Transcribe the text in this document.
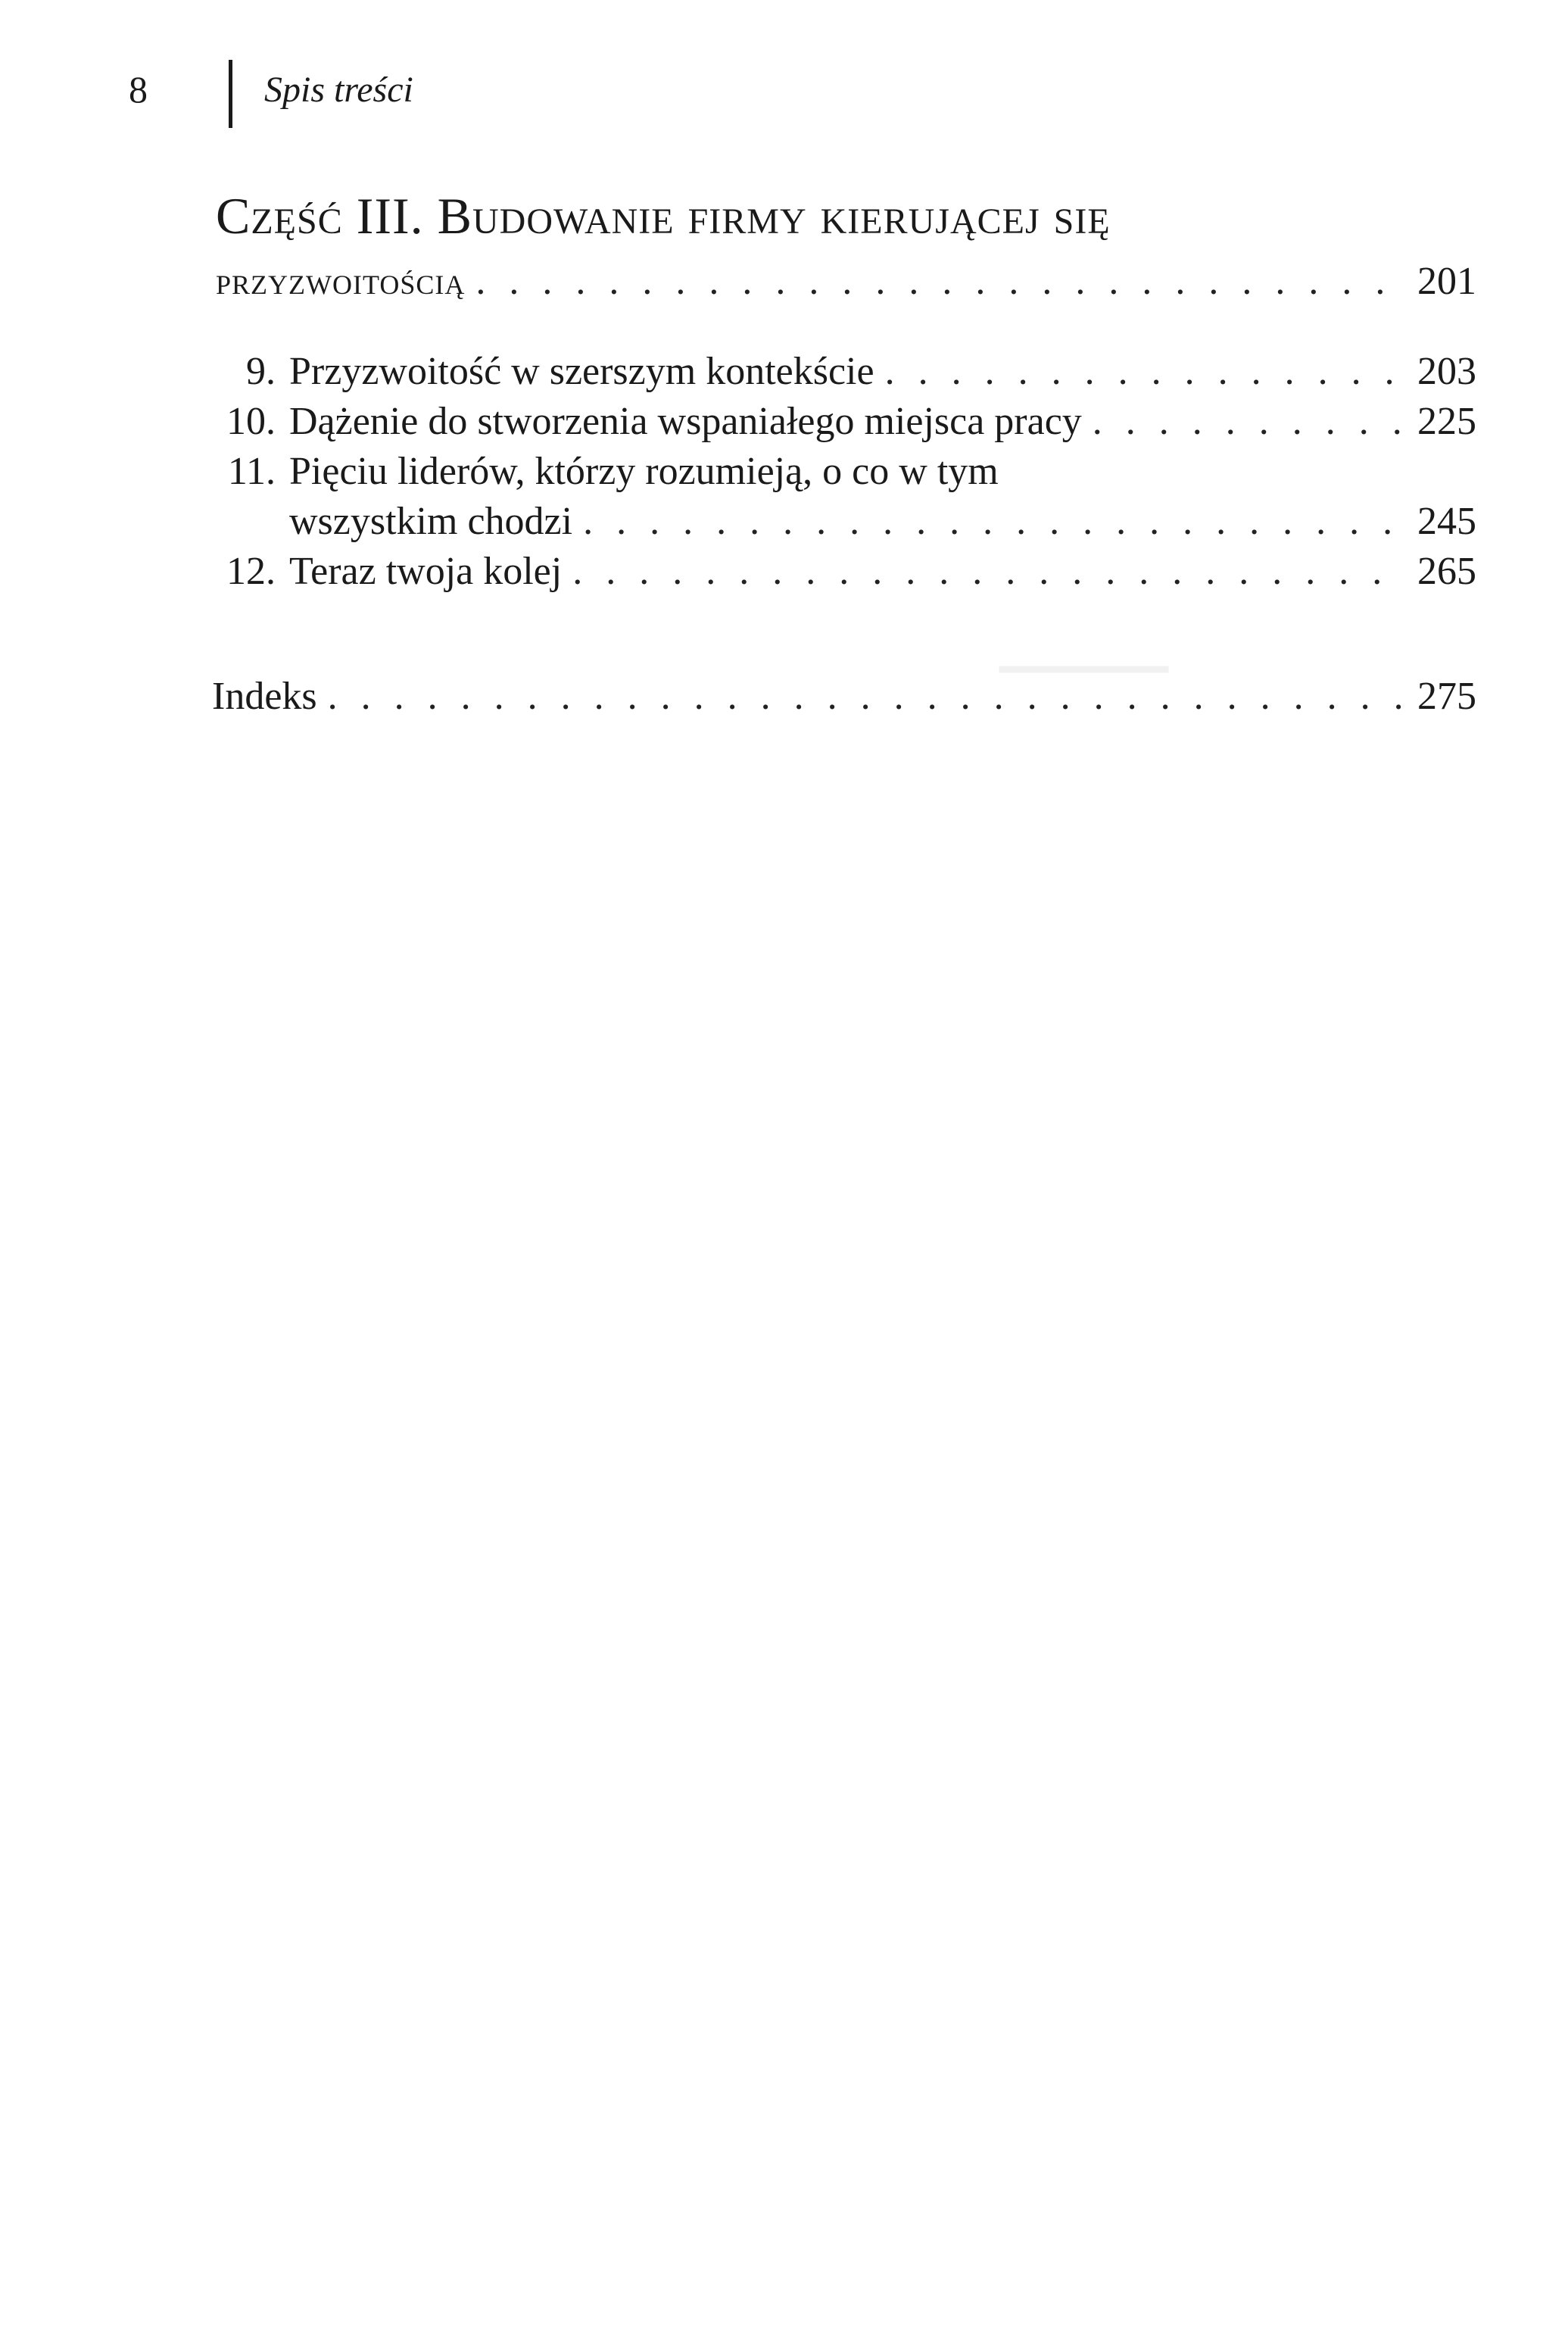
▁▁▁▁▁
8	Spis treści
Część III. Budowanie firmy kierującej się
przyzwoitością . . .	201
9. Przyzwoitość w szerszym kontekście . . .	203
10. Dążenie do stworzenia wspaniałego miejsca pracy . . .	225
11. Pięciu liderów, którzy rozumieją, o co w tym
wszystkim chodzi . . .	245
12. Teraz twoja kolej . . .	265
Indeks . . .	275
